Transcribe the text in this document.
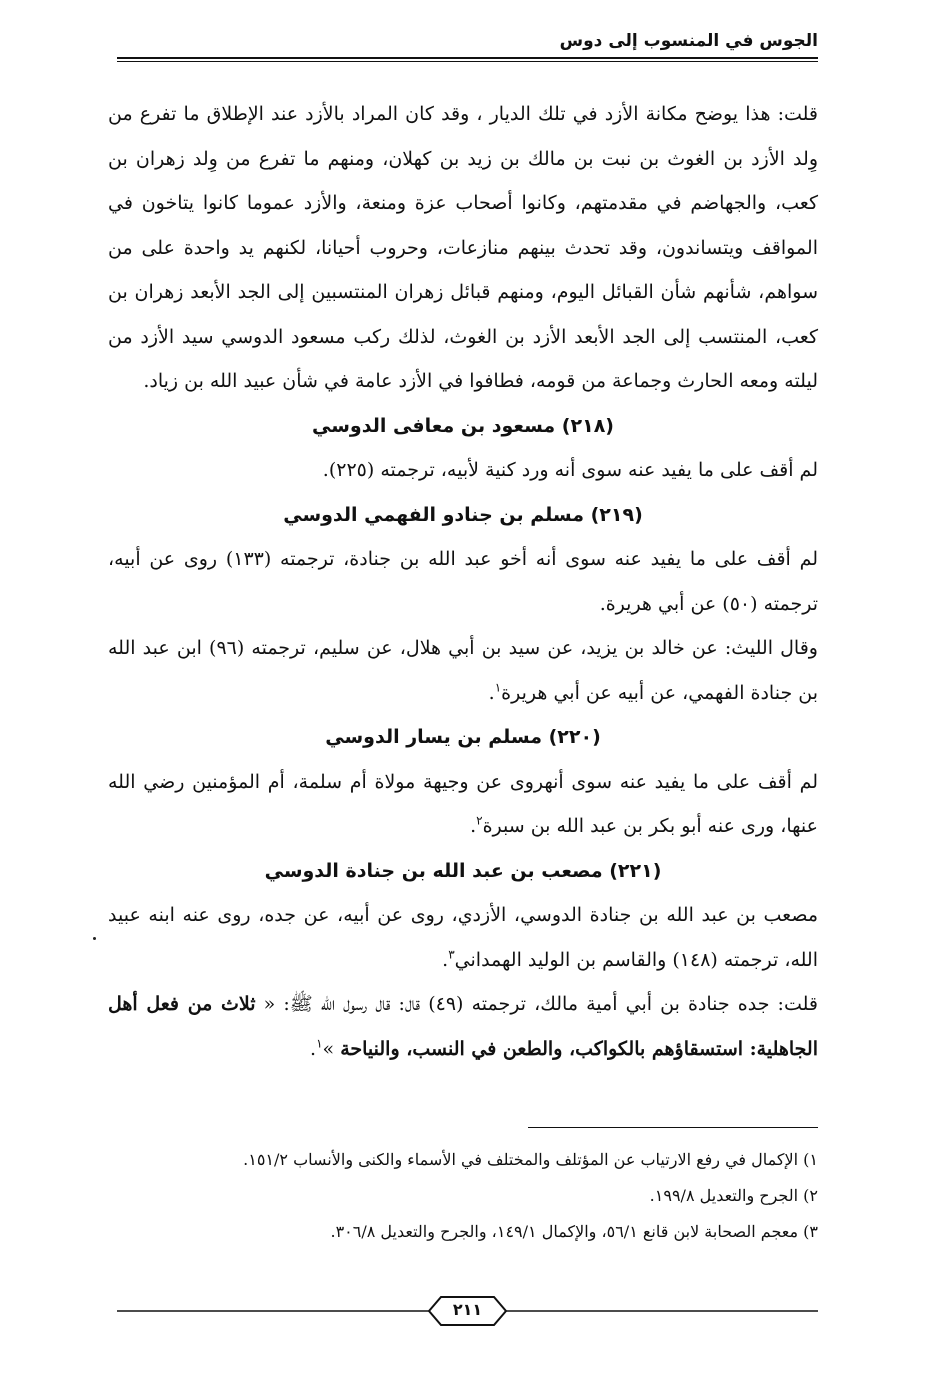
الجوس في المنسوب إلى دوس

قلت: هذا يوضح مكانة الأزد في تلك الديار ، وقد كان المراد بالأزد عند الإطلاق ما تفرع من وِلد الأزد بن الغوث بن نبت بن مالك بن زيد بن كهلان، ومنهم ما تفرع من وِلد زهران بن كعب، والجهاضم في مقدمتهم، وكانوا أصحاب عزة ومنعة، والأزد عموما كانوا يتاخون في المواقف ويتساندون، وقد تحدث بينهم منازعات، وحروب أحيانا، لكنهم يد واحدة على من سواهم، شأنهم شأن القبائل اليوم، ومنهم قبائل زهران المنتسبين إلى الجد الأبعد زهران بن كعب، المنتسب إلى الجد الأبعد الأزد بن الغوث، لذلك ركب مسعود الدوسي سيد الأزد من ليلته ومعه الحارث وجماعة من قومه، فطافوا في الأزد عامة في شأن عبيد الله بن زياد.

(٢١٨) مسعود بن معافى الدوسي

لم أقف على ما يفيد عنه سوى أنه ورد كنية لأبيه، ترجمته (٢٢٥).

(٢١٩) مسلم بن جنادو الفهمي الدوسي

لم أقف على ما يفيد عنه سوى أنه أخو عبد الله بن جنادة، ترجمته (١٣٣) روى عن أبيه، ترجمته (٥٠) عن أبي هريرة.

وقال الليث: عن خالد بن يزيد، عن سيد بن أبي هلال، عن سليم، ترجمته (٩٦) ابن عبد الله بن جنادة الفهمي، عن أبيه عن أبي هريرة$^١$.

(٢٢٠) مسلم بن يسار الدوسي

لم أقف على ما يفيد عنه سوى أنهروى عن وجيهة مولاة أم سلمة، أم المؤمنين رضي الله عنها، ورى عنه أبو بكر بن عبد الله بن سبرة$^٢$.

(٢٢١) مصعب بن عبد الله بن جنادة الدوسي

مصعب بن عبد الله بن جنادة الدوسي، الأزدي، روى عن أبيه، عن جده، روى عنه ابنه عبيد الله، ترجمته (١٤٨) والقاسم بن الوليد الهمداني$^٣$.

قلت: جده جنادة بن أبي أمية مالك، ترجمته (٤٩) قال: قال رسول الله ﷺ: « ثلاث من فعل أهل الجاهلية: استسقاؤهم بالكواكب، والطعن في النسب، والنياحة »$^١$.

١) الإكمال في رفع الارتياب عن المؤتلف والمختلف في الأسماء والكنى والأنساب ١٥١/٢.

٢) الجرح والتعديل ١٩٩/٨.

٣) معجم الصحابة لابن قانع ٥٦/١، والإكمال ١٤٩/١، والجرح والتعديل ٣٠٦/٨.

٢١١
